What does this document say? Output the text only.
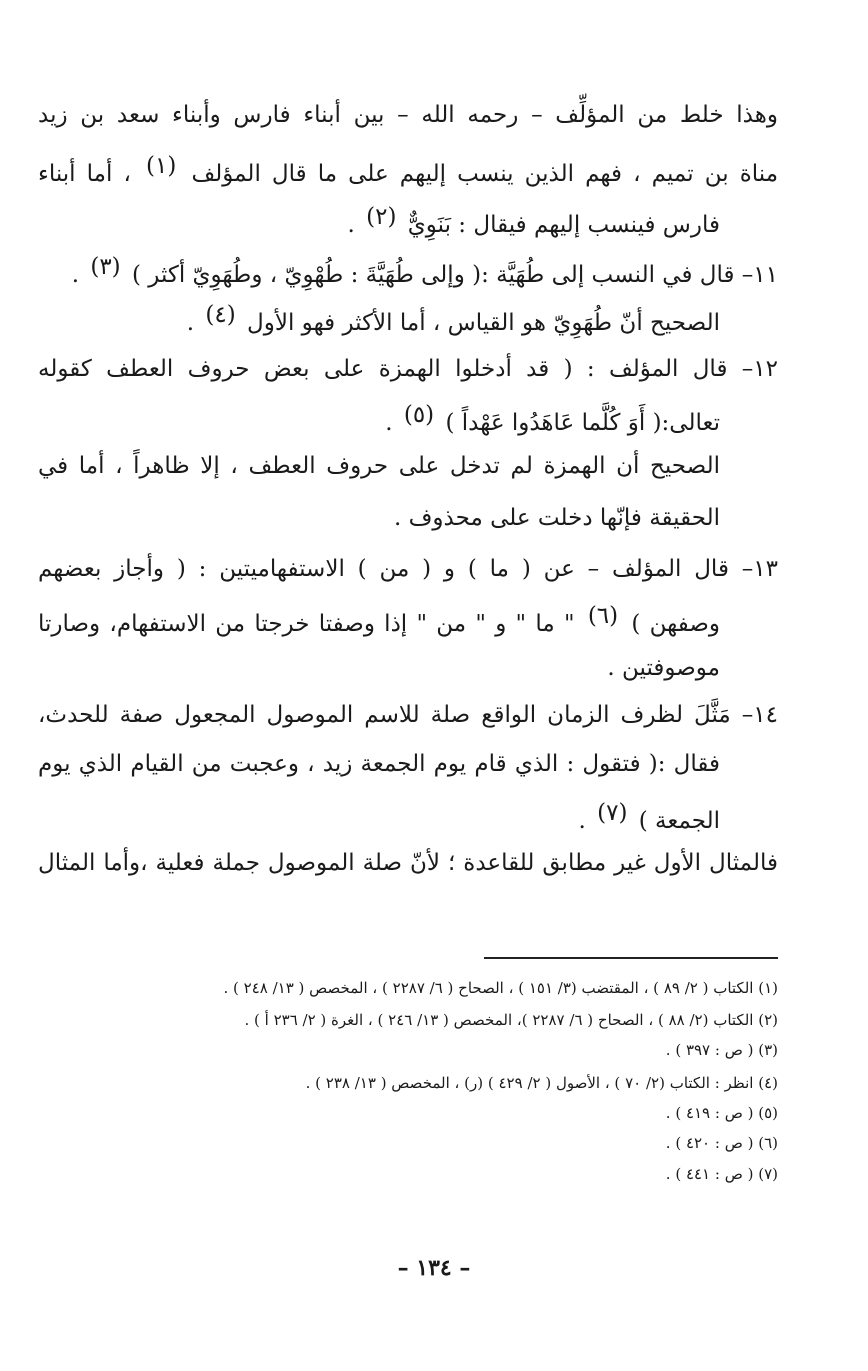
وهذا خلط من المؤلِّف – رحمه الله – بين أبناء فارس وأبناء سعد بن زيد
مناة بن تميم ، فهم الذين ينسب إليهم على ما قال المؤلف (١) ، أما أبناء
فارس فينسب إليهم فيقال : بَنَوِيٌّ (٢) .
١١– قال في النسب إلى طُهَيَّة :( وإلى طُهَيَّةَ : طُهْوِيّ ، وطُهَوِيّ أكثر ) (٣) .
الصحيح أنّ طُهَوِيّ هو القياس ، أما الأكثر فهو الأول (٤) .
١٢– قال المؤلف : ( قد أدخلوا الهمزة على بعض حروف العطف كقوله
تعالى:( أَوَ كُلَّما عَاهَدُوا عَهْداً ) (٥) .
الصحيح أن الهمزة لم تدخل على حروف العطف ، إلا ظاهراً ، أما في
الحقيقة فإنّها دخلت على محذوف .
١٣– قال المؤلف – عن ( ما ) و ( من ) الاستفهاميتين : ( وأجاز بعضهم
وصفهن ) (٦) " ما " و " من " إذا وصفتا خرجتا من الاستفهام، وصارتا
موصوفتين .
١٤– مَثَّلَ لظرف الزمان الواقع صلة للاسم الموصول المجعول صفة للحدث،
فقال :( فتقول : الذي قام يوم الجمعة زيد ، وعجبت من القيام الذي يوم
الجمعة ) (٧) .
فالمثال الأول غير مطابق للقاعدة ؛ لأنّ صلة الموصول جملة فعلية ،وأما المثال
(١) الكتاب ( ٢/ ٨٩ ) ، المقتضب (٣/ ١٥١ ) ، الصحاح ( ٦/ ٢٢٨٧ ) ، المخصص ( ١٣/ ٢٤٨ ) .
(٢) الكتاب (٢/ ٨٨ ) ، الصحاح ( ٦/ ٢٢٨٧ )، المخصص ( ١٣/ ٢٤٦ ) ، الغرة ( ٢/ ٢٣٦ أ ) .
(٣) ( ص : ٣٩٧ ) .
(٤) انظر : الكتاب (٢/ ٧٠ ) ، الأصول ( ٢/ ٤٢٩ ) (ر) ، المخصص ( ١٣/ ٢٣٨ ) .
(٥) ( ص : ٤١٩ ) .
(٦) ( ص : ٤٢٠ ) .
(٧) ( ص : ٤٤١ ) .
– ١٣٤ –
